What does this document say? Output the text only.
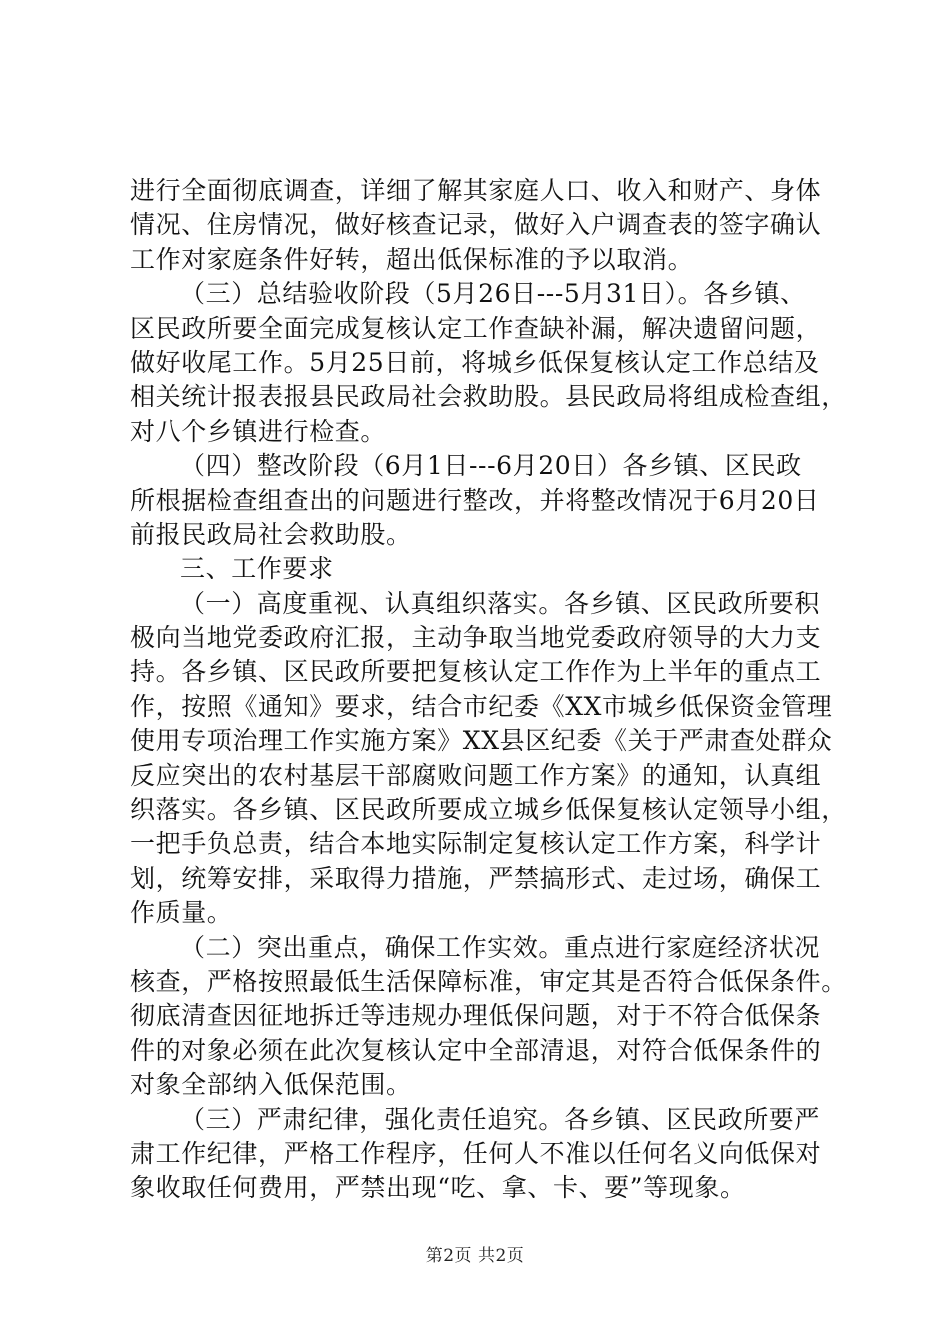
进行全面彻底调查，详细了解其家庭人口、收入和财产、身体
情况、住房情况，做好核查记录，做好入户调查表的签字确认
工作对家庭条件好转，超出低保标准的予以取消。
（三）总结验收阶段（5月26日---5月31日）。各乡镇、
区民政所要全面完成复核认定工作查缺补漏，解决遗留问题，
做好收尾工作。5月25日前，将城乡低保复核认定工作总结及
相关统计报表报县民政局社会救助股。县民政局将组成检查组，
对八个乡镇进行检查。
（四）整改阶段（6月1日---6月20日）各乡镇、区民政
所根据检查组查出的问题进行整改，并将整改情况于6月20日
前报民政局社会救助股。
三、工作要求
（一）高度重视、认真组织落实。各乡镇、区民政所要积
极向当地党委政府汇报，主动争取当地党委政府领导的大力支
持。各乡镇、区民政所要把复核认定工作作为上半年的重点工
作，按照《通知》要求，结合市纪委《XX市城乡低保资金管理
使用专项治理工作实施方案》XX县区纪委《关于严肃查处群众
反应突出的农村基层干部腐败问题工作方案》的通知，认真组
织落实。各乡镇、区民政所要成立城乡低保复核认定领导小组，
一把手负总责，结合本地实际制定复核认定工作方案，科学计
划，统筹安排，采取得力措施，严禁搞形式、走过场，确保工
作质量。
（二）突出重点，确保工作实效。重点进行家庭经济状况
核查，严格按照最低生活保障标准，审定其是否符合低保条件。
彻底清查因征地拆迁等违规办理低保问题，对于不符合低保条
件的对象必须在此次复核认定中全部清退，对符合低保条件的
对象全部纳入低保范围。
（三）严肃纪律，强化责任追究。各乡镇、区民政所要严
肃工作纪律，严格工作程序，任何人不准以任何名义向低保对
象收取任何费用，严禁出现“吃、拿、卡、要”等现象。
第2页 共2页
